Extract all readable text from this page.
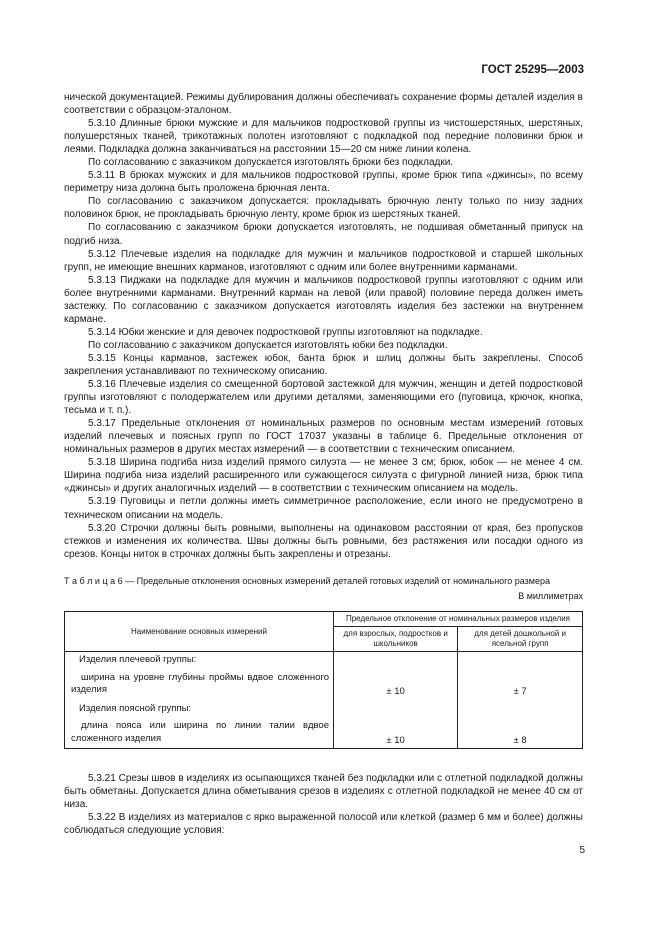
ГОСТ 25295—2003

нической документацией. Режимы дублирования должны обеспечивать сохранение формы деталей изделия в соответствии с образцом-эталоном.

5.3.10 Длинные брюки мужские и для мальчиков подростковой группы из чистошерстяных, шерстяных, полушерстяных тканей, трикотажных полотен изготовляют с подкладкой под передние половинки брюк и леями. Подкладка должна заканчиваться на расстоянии 15—20 см ниже линии колена.

По согласованию с заказчиком допускается изготовлять брюки без подкладки.

5.3.11 В брюках мужских и для мальчиков подростковой группы, кроме брюк типа «джинсы», по всему периметру низа должна быть проложена брючная лента.

По согласованию с заказчиком допускается: прокладывать брючную ленту только по низу задних половинок брюк, не прокладывать брючную ленту, кроме брюк из шерстяных тканей.

По согласованию с заказчиком брюки допускается изготовлять, не подшивая обметанный припуск на подгиб низа.

5.3.12 Плечевые изделия на подкладке для мужчин и мальчиков подростковой и старшей школьных групп, не имеющие внешних карманов, изготовляют с одним или более внутренними карманами.

5.3.13 Пиджаки на подкладке для мужчин и мальчиков подростковой группы изготовляют с одним или более внутренними карманами. Внутренний карман на левой (или правой) половине переда должен иметь застежку. По согласованию с заказчиком допускается изготовлять изделия без застежки на внутреннем кармане.

5.3.14 Юбки женские и для девочек подростковой группы изготовляют на подкладке.

По согласованию с заказчиком допускается изготовлять юбки без подкладки.

5.3.15 Концы карманов, застежек юбок, банта брюк и шлиц должны быть закреплены. Способ закрепления устанавливают по техническому описанию.

5.3.16 Плечевые изделия со смещенной бортовой застежкой для мужчин, женщин и детей подростковой группы изготовляют с полодержателем или другими деталями, заменяющими его (пуговица, крючок, кнопка, тесьма и т. п.).

5.3.17 Предельные отклонения от номинальных размеров по основным местам измерений готовых изделий плечевых и поясных групп по ГОСТ 17037 указаны в таблице 6. Предельные отклонения от номинальных размеров в других местах измерений — в соответствии с техническим описанием.

5.3.18 Ширина подгиба низа изделий прямого силуэта — не менее 3 см; брюк, юбок — не менее 4 см. Ширина подгиба низа изделий расширенного или сужающегося силуэта с фигурной линией низа, брюк типа «джинсы» и других аналогичных изделий — в соответствии с техническим описанием на модель.

5.3.19 Пуговицы и петли должны иметь симметричное расположение, если иного не предусмотрено в техническом описании на модель.

5.3.20 Строчки должны быть ровными, выполнены на одинаковом расстоянии от края, без пропусков стежков и изменения их количества. Швы должны быть ровными, без растяжения или посадки одного из срезов. Концы ниток в строчках должны быть закреплены и отрезаны.

Т а б л и ц а 6 — Предельные отклонения основных измерений деталей готовых изделий от номинального размера
В миллиметрах
Наименование основных измерений	Предельное отклонение от номинальных размеров изделия	
	для взрослых, подростков и школьников	для детей дошкольной и ясельной групп

Изделия плечевой группы:
ширина на уровне глубины проймы вдвое сложенного изделия	± 10	± 7

Изделия поясной группы:
длина пояса или ширина по линии талии вдвое сложенного изделия	± 10	± 8

5.3.21 Срезы швов в изделиях из осыпающихся тканей без подкладки или с отлетной подкладкой должны быть обметаны. Допускается длина обметывания срезов в изделиях с отлетной подкладкой не менее 40 см от низа.

5.3.22 В изделиях из материалов с ярко выраженной полосой или клеткой (размер 6 мм и более) должны соблюдаться следующие условия:

5
